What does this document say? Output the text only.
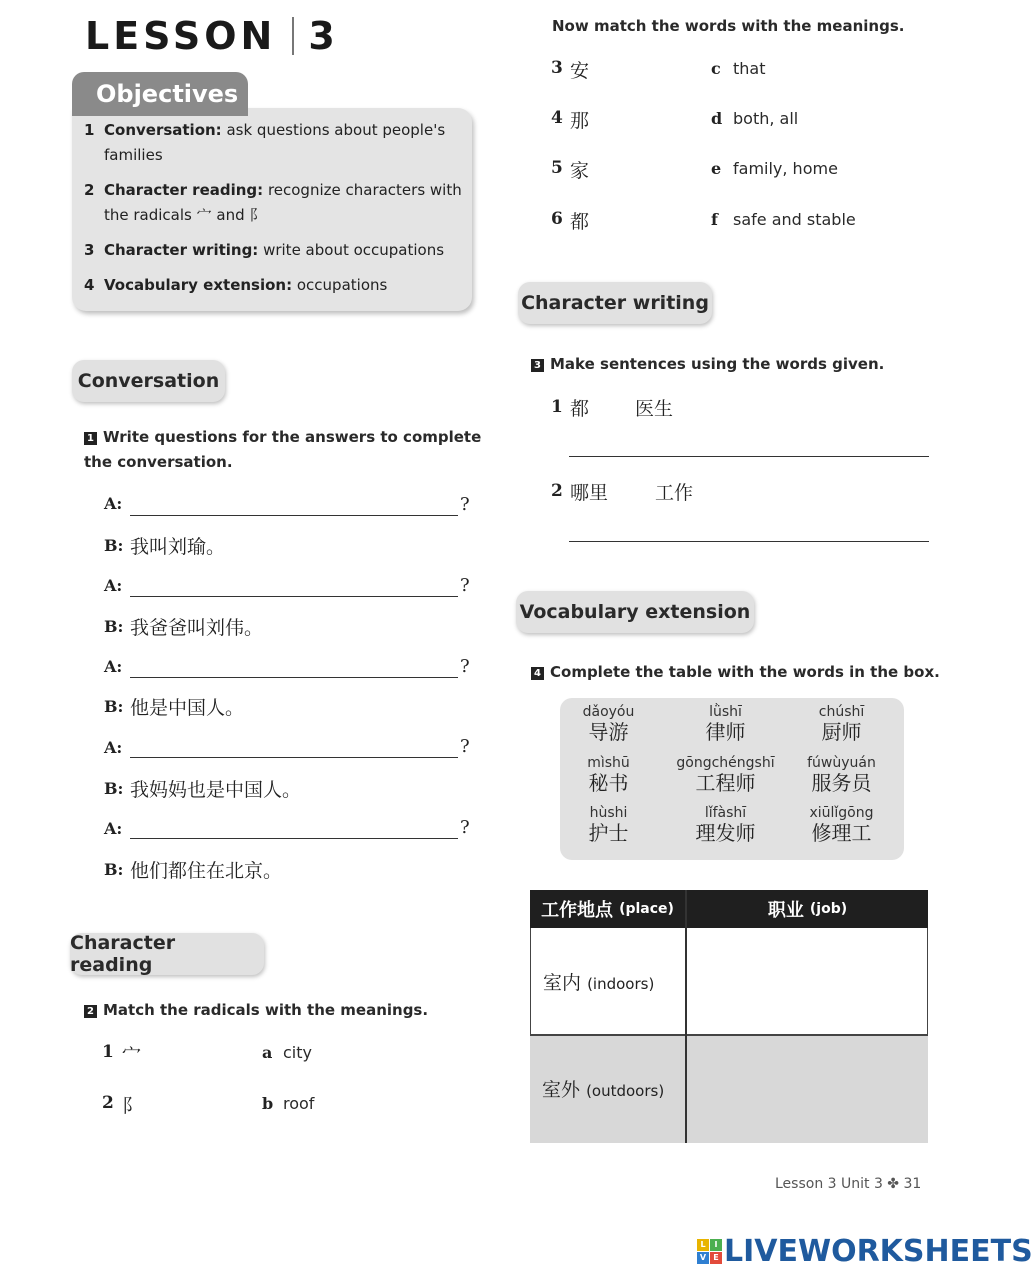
LESSON 3
Objectives
1 Conversation: ask questions about people's families
2 Character reading: recognize characters with the radicals 宀 and 阝
3 Character writing: write about occupations
4 Vocabulary extension: occupations
Conversation
1 Write questions for the answers to complete the conversation.
A:	?
B: 我叫刘瑜。
A:	?
B: 我爸爸叫刘伟。
A:	?
B: 他是中国人。
A:	?
B: 我妈妈也是中国人。
A:	?
B: 他们都住在北京。
Character reading
2 Match the radicals with the meanings.
1 宀	a city
2 阝	b roof
Now match the words with the meanings.
3 安	c that
4 那	d both, all
5 家	e family, home
6 都	f safe and stable
Character writing
3 Make sentences using the words given.
1 都 医生
2 哪里 工作
Vocabulary extension
4 Complete the table with the words in the box.
dǎoyóu
导游
lǜshī
律师
chúshī
厨师
mìshū
秘书
gōngchéngshī
工程师
fúwùyuán
服务员
hùshi
护士
lǐfàshī
理发师
xiūlǐgōng
修理工
工作地点 (place)	职业 (job)
室内 (indoors)
室外 (outdoors)
Lesson 3 Unit 3 ✤ 31
L	I
V E LIVEWORKSHEETS
